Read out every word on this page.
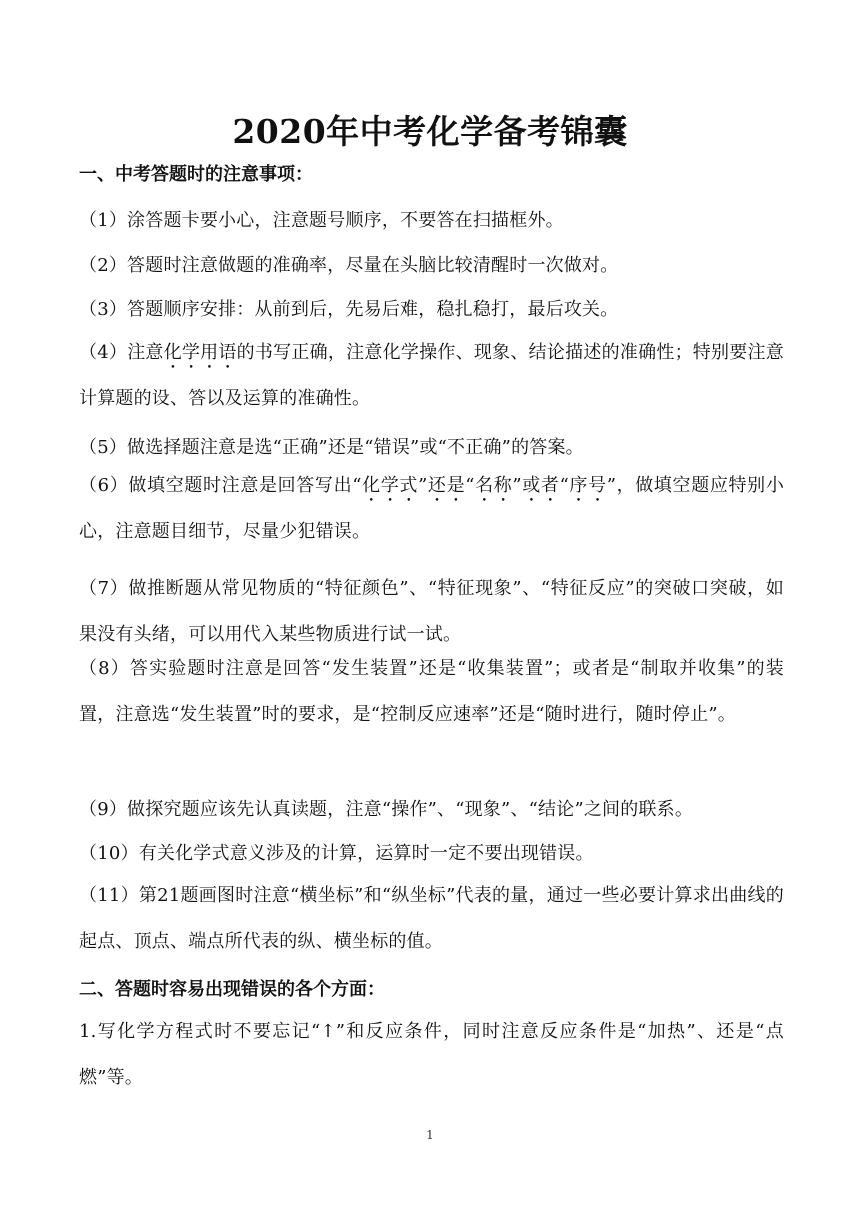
2020年中考化学备考锦囊
一、中考答题时的注意事项：
（1）涂答题卡要小心，注意题号顺序，不要答在扫描框外。
（2）答题时注意做题的准确率，尽量在头脑比较清醒时一次做对。
（3）答题顺序安排：从前到后，先易后难，稳扎稳打，最后攻关。
（4）注意化学用语的书写正确，注意化学操作、现象、结论描述的准确性；特别要注意计算题的设、答以及运算的准确性。
（5）做选择题注意是选“正确”还是“错误”或“不正确”的答案。
（6）做填空题时注意是回答写出“化学式”还是“名称”或者“序号”，做填空题应特别小心，注意题目细节，尽量少犯错误。
（7）做推断题从常见物质的“特征颜色”、“特征现象”、“特征反应”的突破口突破，如果没有头绪，可以用代入某些物质进行试一试。
（8）答实验题时注意是回答“发生装置”还是“收集装置”；或者是“制取并收集”的装置，注意选“发生装置”时的要求，是“控制反应速率”还是“随时进行，随时停止”。
（9）做探究题应该先认真读题，注意“操作”、“现象”、“结论”之间的联系。
（10）有关化学式意义涉及的计算，运算时一定不要出现错误。
（11）第21题画图时注意“横坐标”和“纵坐标”代表的量，通过一些必要计算求出曲线的起点、顶点、端点所代表的纵、横坐标的值。
二、答题时容易出现错误的各个方面：
1.写化学方程式时不要忘记“↑”和反应条件，同时注意反应条件是“加热”、还是“点燃”等。
1
